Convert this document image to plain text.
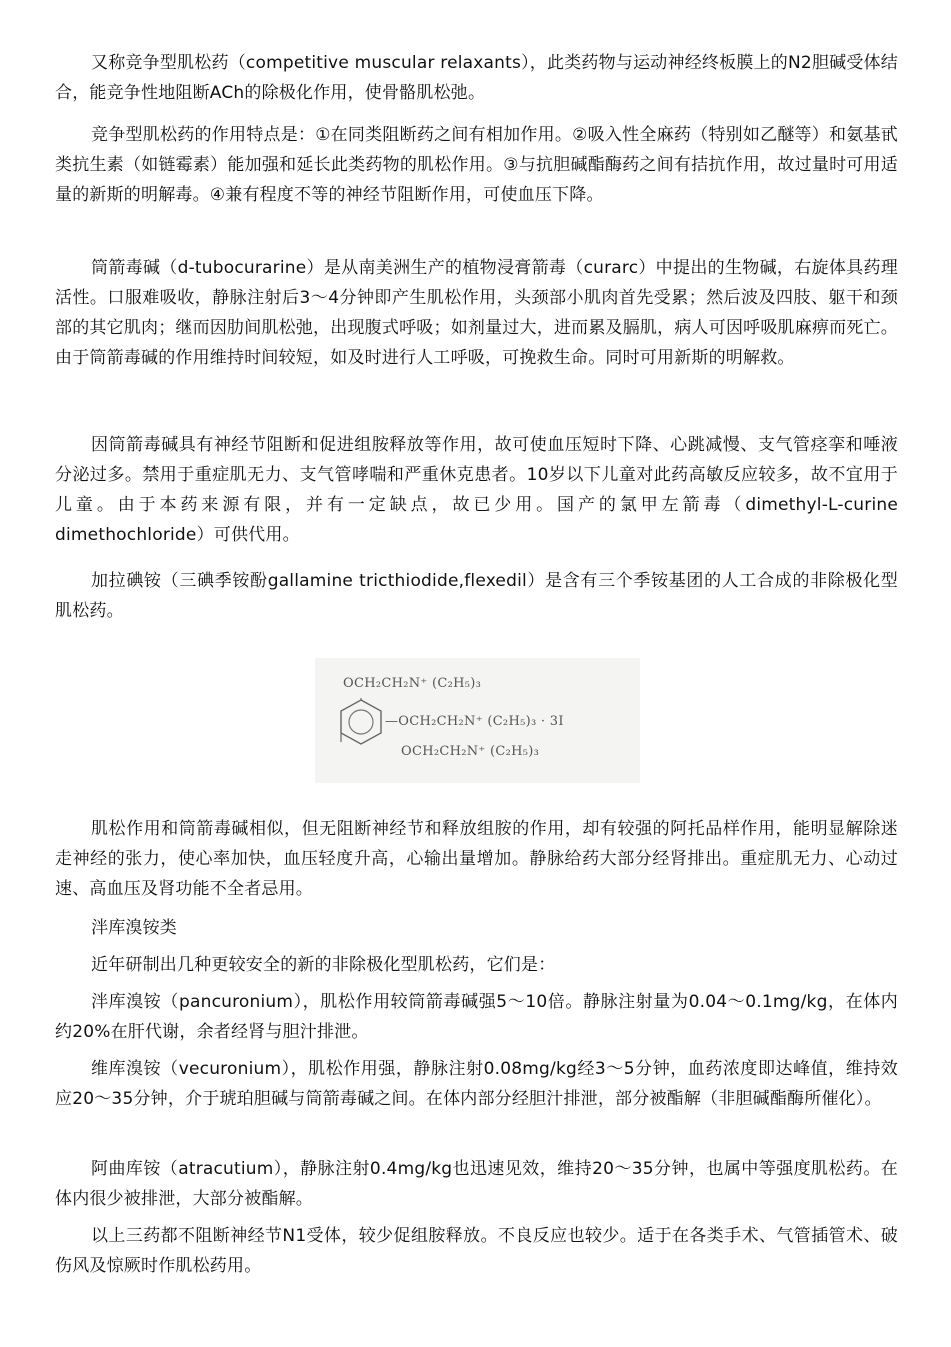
又称竞争型肌松药（competitive muscular relaxants），此类药物与运动神经终板膜上的N2胆碱受体结合，能竞争性地阻断ACh的除极化作用，使骨骼肌松弛。

竞争型肌松药的作用特点是：①在同类阻断药之间有相加作用。②吸入性全麻药（特别如乙醚等）和氨基甙类抗生素（如链霉素）能加强和延长此类药物的肌松作用。③与抗胆碱酯酶药之间有拮抗作用，故过量时可用适量的新斯的明解毒。④兼有程度不等的神经节阻断作用，可使血压下降。

筒箭毒碱（d-tubocurarine）是从南美洲生产的植物浸膏箭毒（curarc）中提出的生物碱，右旋体具药理活性。口服难吸收，静脉注射后3～4分钟即产生肌松作用，头颈部小肌肉首先受累；然后波及四肢、躯干和颈部的其它肌肉；继而因肋间肌松弛，出现腹式呼吸；如剂量过大，进而累及膈肌，病人可因呼吸肌麻痹而死亡。由于筒箭毒碱的作用维持时间较短，如及时进行人工呼吸，可挽救生命。同时可用新斯的明解救。

因筒箭毒碱具有神经节阻断和促进组胺释放等作用，故可使血压短时下降、心跳减慢、支气管痉挛和唾液分泌过多。禁用于重症肌无力、支气管哮喘和严重休克患者。10岁以下儿童对此药高敏反应较多，故不宜用于儿童。由于本药来源有限，并有一定缺点，故已少用。国产的氯甲左箭毒（dimethyl-L-curine dimethochloride）可供代用。

加拉碘铵（三碘季铵酚gallamine tricthiodide,flexedil）是含有三个季铵基团的人工合成的非除极化型肌松药。

OCH₂CH₂N⁺ (C₂H₅)₃
—OCH₂CH₂N⁺ (C₂H₅)₃ · 3I
OCH₂CH₂N⁺ (C₂H₅)₃

肌松作用和筒箭毒碱相似，但无阻断神经节和释放组胺的作用，却有较强的阿托品样作用，能明显解除迷走神经的张力，使心率加快，血压轻度升高，心输出量增加。静脉给药大部分经肾排出。重症肌无力、心动过速、高血压及肾功能不全者忌用。

泮库溴铵类

近年研制出几种更较安全的新的非除极化型肌松药，它们是：

泮库溴铵（pancuronium），肌松作用较筒箭毒碱强5～10倍。静脉注射量为0.04～0.1mg/kg，在体内约20%在肝代谢，余者经肾与胆汁排泄。

维库溴铵（vecuronium），肌松作用强，静脉注射0.08mg/kg经3～5分钟，血药浓度即达峰值，维持效应20～35分钟，介于琥珀胆碱与筒箭毒碱之间。在体内部分经胆汁排泄，部分被酯解（非胆碱酯酶所催化）。

阿曲库铵（atracutium），静脉注射0.4mg/kg也迅速见效，维持20～35分钟，也属中等强度肌松药。在体内很少被排泄，大部分被酯解。

以上三药都不阻断神经节N1受体，较少促组胺释放。不良反应也较少。适于在各类手术、气管插管术、破伤风及惊厥时作肌松药用。
